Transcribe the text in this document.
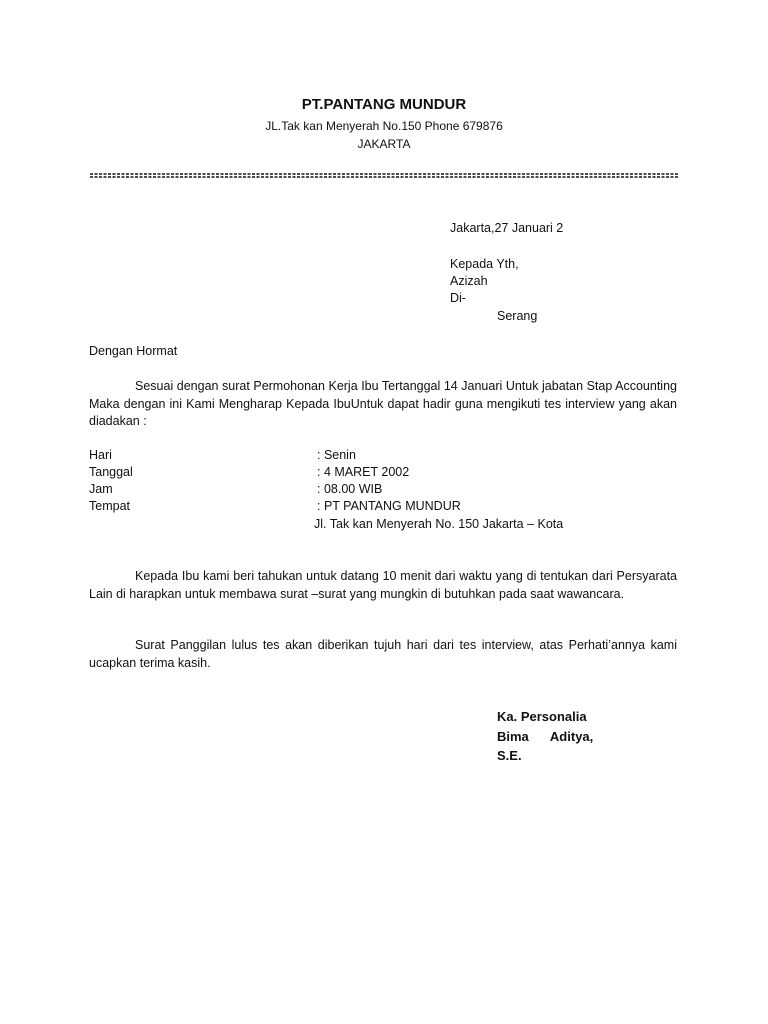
PT.PANTANG MUNDUR
JL.Tak kan Menyerah No.150 Phone 679876
JAKARTA
Jakarta,27 Januari 2
Kepada Yth,
Azizah
Di-
Serang
Dengan Hormat
Sesuai dengan surat Permohonan Kerja Ibu Tertanggal 14 Januari Untuk jabatan Stap Accounting Maka dengan ini Kami Mengharap Kepada IbuUntuk dapat hadir guna mengikuti tes interview yang akan diadakan :
Hari	: Senin
Tanggal	: 4 MARET 2002
Jam	: 08.00 WIB
Tempat	: PT PANTANG MUNDUR
Jl. Tak kan Menyerah No. 150 Jakarta – Kota
Kepada Ibu kami beri tahukan untuk datang 10 menit dari waktu yang di tentukan dari Persyarata Lain di harapkan untuk membawa surat –surat yang mungkin di butuhkan pada saat wawancara.
Surat Panggilan lulus tes akan diberikan tujuh hari dari tes interview, atas Perhati’annya kami ucapkan terima kasih.
Ka. Personalia
Bima Aditya,
S.E.
